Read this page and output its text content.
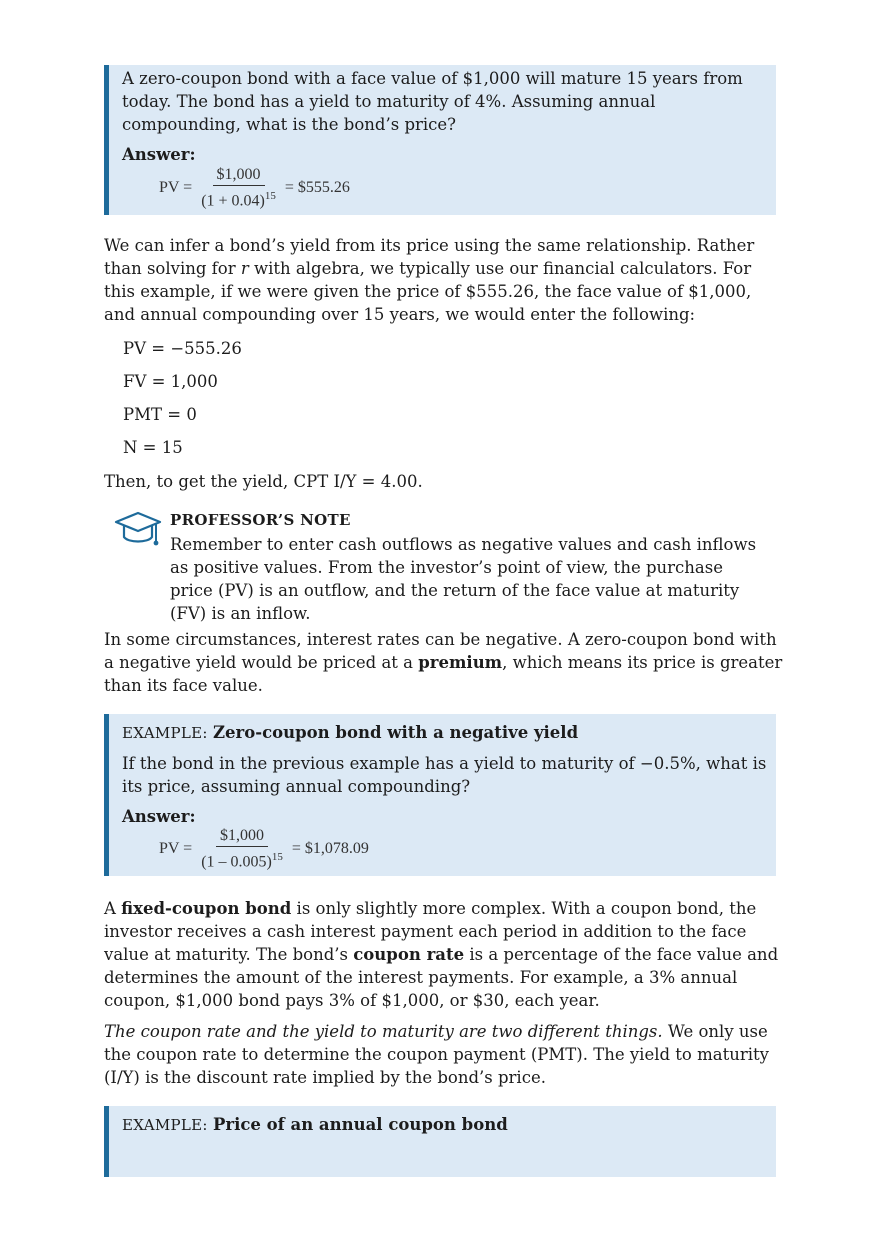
A zero-coupon bond with a face value of $1,000 will mature 15 years from today. The bond has a yield to maturity of 4%. Assuming annual compounding, what is the bond’s price?

Answer:

PV = $\frac{\$1,000}{(1 + 0.04)^{15}}$ = $555.26

We can infer a bond’s yield from its price using the same relationship. Rather than solving for r with algebra, we typically use our financial calculators. For this example, if we were given the price of $555.26, the face value of $1,000, and annual compounding over 15 years, we would enter the following:

PV = −555.26
FV = 1,000
PMT = 0
N = 15
Then, to get the yield, CPT I/Y = 4.00.
PROFESSOR’S NOTE
Remember to enter cash outflows as negative values and cash inflows as positive values. From the investor’s point of view, the purchase price (PV) is an outflow, and the return of the face value at maturity (FV) is an inflow.

In some circumstances, interest rates can be negative. A zero-coupon bond with a negative yield would be priced at a premium, which means its price is greater than its face value.

EXAMPLE: Zero-coupon bond with a negative yield

If the bond in the previous example has a yield to maturity of −0.5%, what is its price, assuming annual compounding?

Answer:

PV = $\frac{\$1,000}{(1 - 0.005)^{15}}$ = $1,078.09

A fixed-coupon bond is only slightly more complex. With a coupon bond, the investor receives a cash interest payment each period in addition to the face value at maturity. The bond’s coupon rate is a percentage of the face value and determines the amount of the interest payments. For example, a 3% annual coupon, $1,000 bond pays 3% of $1,000, or $30, each year.

The coupon rate and the yield to maturity are two different things. We only use the coupon rate to determine the coupon payment (PMT). The yield to maturity (I/Y) is the discount rate implied by the bond’s price.

EXAMPLE: Price of an annual coupon bond
